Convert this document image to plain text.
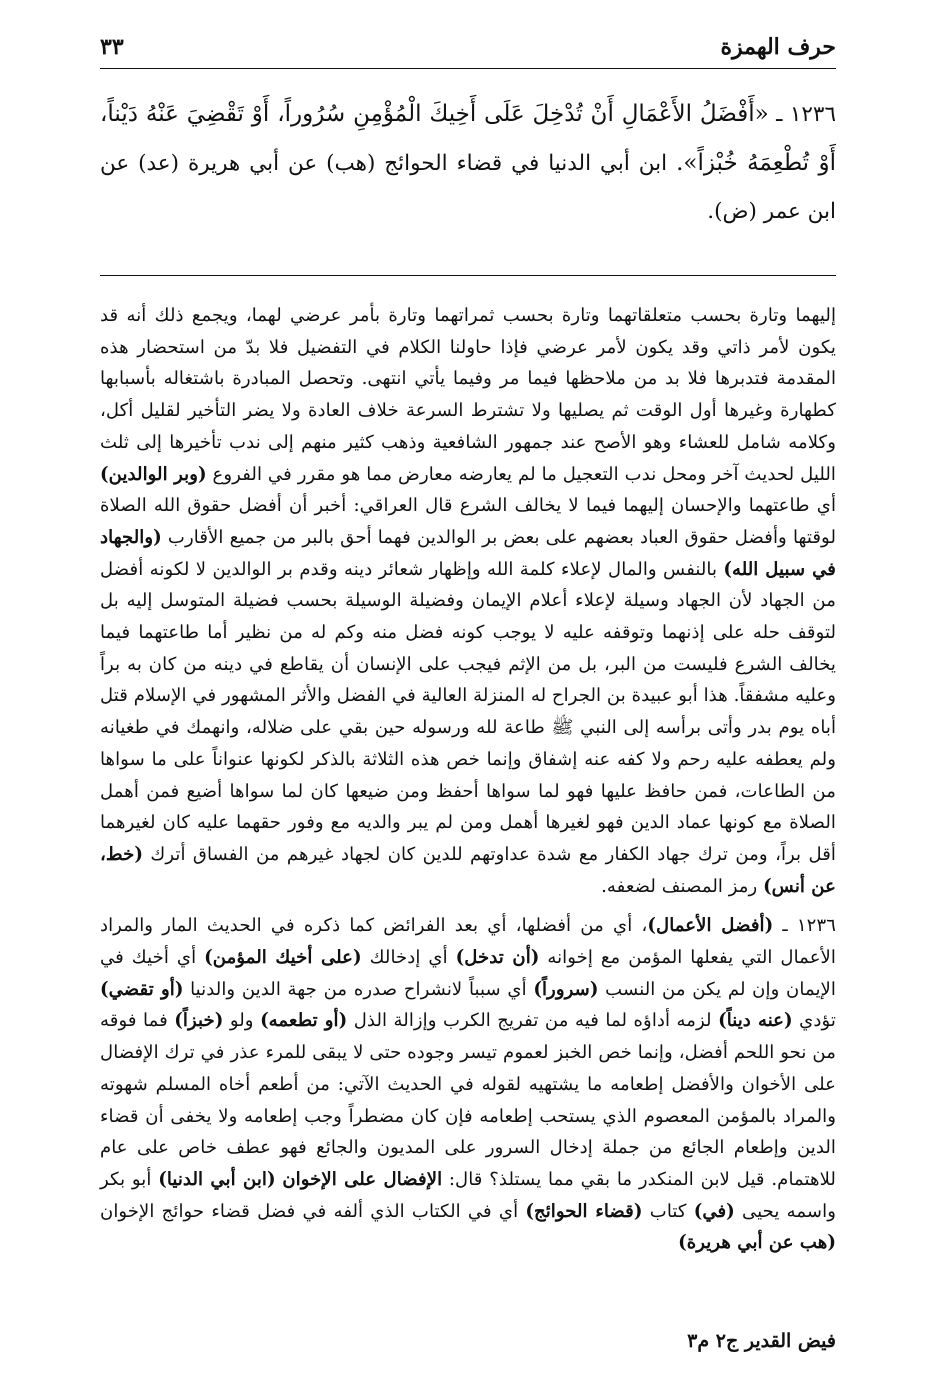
حرف الهمزة
٣٣
١٢٣٦ ـ «أَفْضَلُ الأَعْمَالِ أَنْ تُدْخِلَ عَلَى أَخِيكَ الْمُؤْمِنِ سُرُوراً، أَوْ تَقْضِيَ عَنْهُ دَيْناً، أَوْ تُطْعِمَهُ خُبْزاً». ابن أبي الدنيا في قضاء الحوائج (هب) عن أبي هريرة (عد) عن ابن عمر (ض).

إليهما وتارة بحسب متعلقاتهما وتارة بحسب ثمراتهما وتارة بأمر عرضي لهما، ويجمع ذلك أنه قد يكون لأمر ذاتي وقد يكون لأمر عرضي فإذا حاولنا الكلام في التفضيل فلا بدّ من استحضار هذه المقدمة فتدبرها فلا بد من ملاحظها فيما مر وفيما يأتي انتهى. وتحصل المبادرة باشتغاله بأسبابها كطهارة وغيرها أول الوقت ثم يصليها ولا تشترط السرعة خلاف العادة ولا يضر التأخير لقليل أكل، وكلامه شامل للعشاء وهو الأصح عند جمهور الشافعية وذهب كثير منهم إلى ندب تأخيرها إلى ثلث الليل لحديث آخر ومحل ندب التعجيل ما لم يعارضه معارض مما هو مقرر في الفروع (وبر الوالدين) أي طاعتهما والإحسان إليهما فيما لا يخالف الشرع قال العراقي: أخبر أن أفضل حقوق الله الصلاة لوقتها وأفضل حقوق العباد بعضهم على بعض بر الوالدين فهما أحق بالبر من جميع الأقارب (والجهاد في سبيل الله) بالنفس والمال لإعلاء كلمة الله وإظهار شعائر دينه وقدم بر الوالدين لا لكونه أفضل من الجهاد لأن الجهاد وسيلة لإعلاء أعلام الإيمان وفضيلة الوسيلة بحسب فضيلة المتوسل إليه بل لتوقف حله على إذنهما وتوقفه عليه لا يوجب كونه فضل منه وكم له من نظير أما طاعتهما فيما يخالف الشرع فليست من البر، بل من الإثم فيجب على الإنسان أن يقاطع في دينه من كان به براً وعليه مشفقاً. هذا أبو عبيدة بن الجراح له المنزلة العالية في الفضل والأثر المشهور في الإسلام قتل أباه يوم بدر وأتى برأسه إلى النبي ﷺ طاعة لله ورسوله حين بقي على ضلاله، وانهمك في طغيانه ولم يعطفه عليه رحم ولا كفه عنه إشفاق وإنما خص هذه الثلاثة بالذكر لكونها عنواناً على ما سواها من الطاعات، فمن حافظ عليها فهو لما سواها أحفظ ومن ضيعها كان لما سواها أضيع فمن أهمل الصلاة مع كونها عماد الدين فهو لغيرها أهمل ومن لم يبر والديه مع وفور حقهما عليه كان لغيرهما أقل براً، ومن ترك جهاد الكفار مع شدة عداوتهم للدين كان لجهاد غيرهم من الفساق أترك (خط، عن أنس) رمز المصنف لضعفه.

١٢٣٦ ـ (أفضل الأعمال)، أي من أفضلها، أي بعد الفرائض كما ذكره في الحديث المار والمراد الأعمال التي يفعلها المؤمن مع إخوانه (أن تدخل) أي إدخالك (على أخيك المؤمن) أي أخيك في الإيمان وإن لم يكن من النسب (سروراً) أي سبباً لانشراح صدره من جهة الدين والدنيا (أو تقضي) تؤدي (عنه ديناً) لزمه أداؤه لما فيه من تفريج الكرب وإزالة الذل (أو تطعمه) ولو (خبزاً) فما فوقه من نحو اللحم أفضل، وإنما خص الخبز لعموم تيسر وجوده حتى لا يبقى للمرء عذر في ترك الإفضال على الأخوان والأفضل إطعامه ما يشتهيه لقوله في الحديث الآتي: من أطعم أخاه المسلم شهوته والمراد بالمؤمن المعصوم الذي يستحب إطعامه فإن كان مضطراً وجب إطعامه ولا يخفى أن قضاء الدين وإطعام الجائع من جملة إدخال السرور على المديون والجائع فهو عطف خاص على عام للاهتمام. قيل لابن المنكدر ما بقي مما يستلذ؟ قال: الإفضال على الإخوان (ابن أبي الدنيا) أبو بكر واسمه يحيى (في) كتاب (قضاء الحوائج) أي في الكتاب الذي ألفه في فضل قضاء حوائج الإخوان (هب عن أبي هريرة)

فيض القدير ج٢ م٣
